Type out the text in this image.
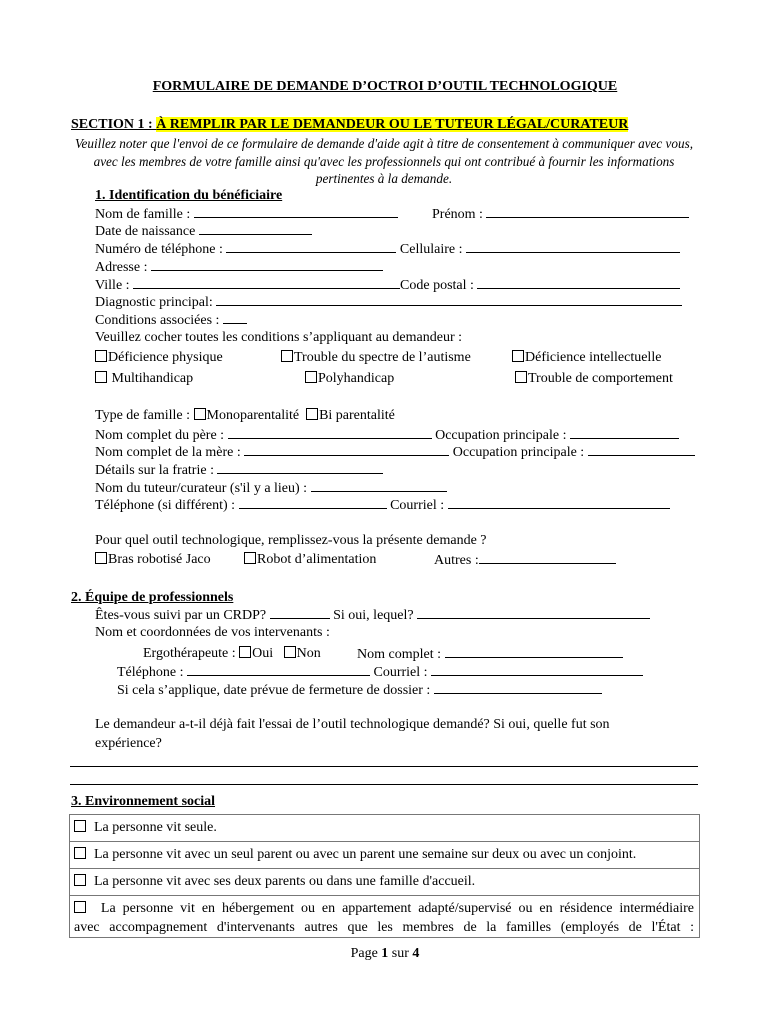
FORMULAIRE DE DEMANDE D’OCTROI D’OUTIL TECHNOLOGIQUE
SECTION 1 : À REMPLIR PAR LE DEMANDEUR OU LE TUTEUR LÉGAL/CURATEUR
Veuillez noter que l'envoi de ce formulaire de demande d'aide agit à titre de consentement à communiquer avec vous, avec les membres de votre famille ainsi qu'avec les professionnels qui ont contribué à fournir les informations pertinentes à la demande.
1. Identification du bénéficiaire
Nom de famille :	Prénom :
Date de naissance
Numéro de téléphone :	Cellulaire :
Adresse :
Ville :	Code postal :
Diagnostic principal:
Conditions associées :
Veuillez cocher toutes les conditions s’appliquant au demandeur :
Déficience physique	Trouble du spectre de l’autisme	Déficience intellectuelle
Multihandicap	Polyhandicap	Trouble de comportement
Type de famille : Monoparentalité Bi parentalité
Nom complet du père :	Occupation principale :
Nom complet de la mère :	Occupation principale :
Détails sur la fratrie :
Nom du tuteur/curateur (s'il y a lieu) :
Téléphone (si différent) :	Courriel :
Pour quel outil technologique, remplissez-vous la présente demande ?
Bras robotisé Jaco	Robot d’alimentation	Autres :
2. Équipe de professionnels
Êtes-vous suivi par un CRDP?	Si oui, lequel?
Nom et coordonnées de vos intervenants :
Ergothérapeute : Oui Non	Nom complet :
Téléphone :	Courriel :
Si cela s’applique, date prévue de fermeture de dossier :
Le demandeur a-t-il déjà fait l'essai de l’outil technologique demandé? Si oui, quelle fut son
expérience?
3. Environnement social
La personne vit seule.
La personne vit avec un seul parent ou avec un parent une semaine sur deux ou avec un conjoint.
La personne vit avec ses deux parents ou dans une famille d'accueil.

La personne vit en hébergement ou en appartement adapté/supervisé ou en résidence intermédiaire
avec accompagnement d'intervenants autres que les membres de la familles (employés de l'État :
Page 1 sur 4
